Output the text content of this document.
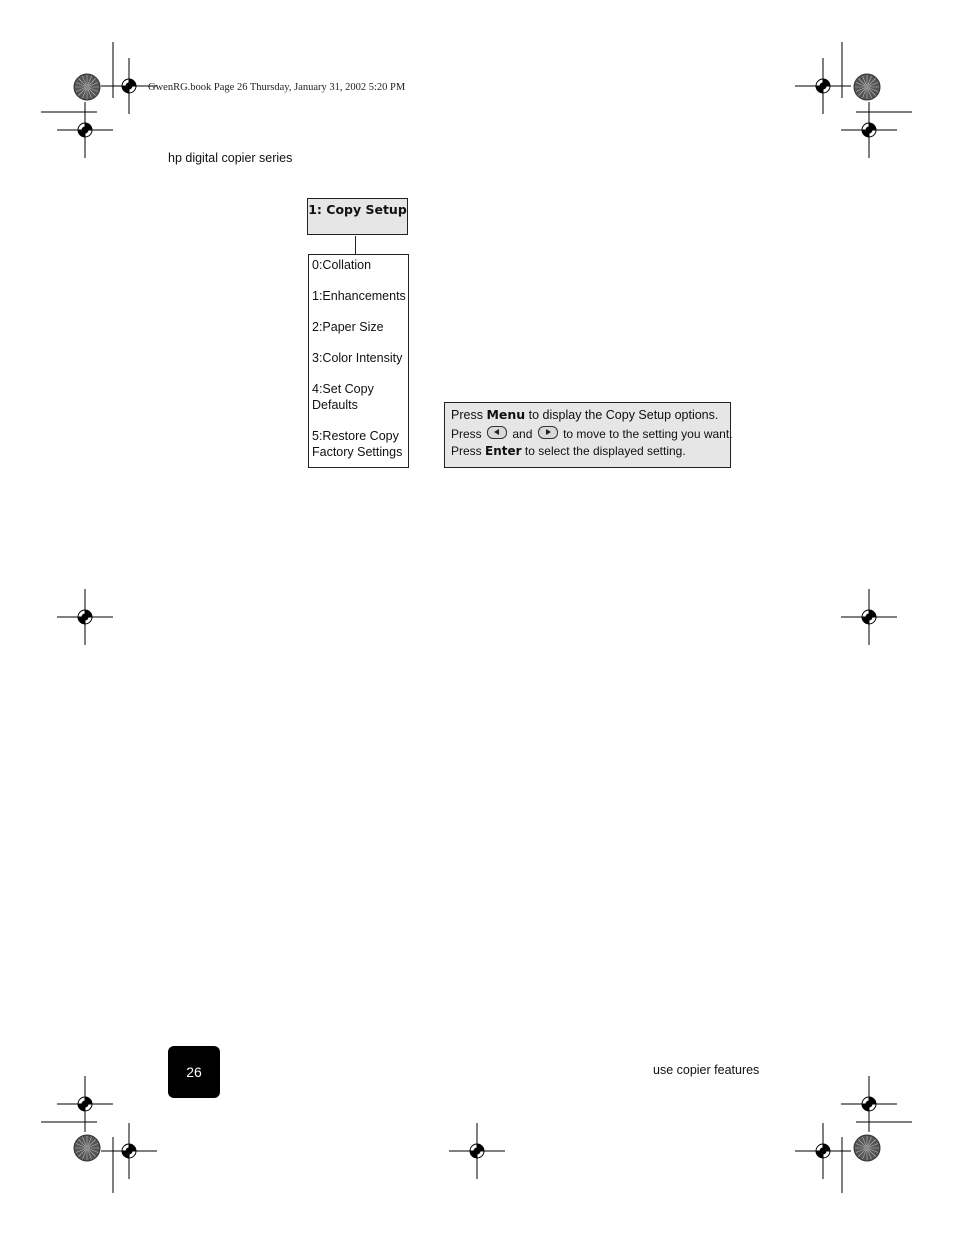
GwenRG.book Page 26 Thursday, January 31, 2002 5:20 PM
hp digital copier series
1: Copy Setup
0:Collation
1:Enhancements
2:Paper Size
3:Color Intensity
4:Set Copy Defaults
5:Restore Copy Factory Settings
Press Menu to display the Copy Setup options.
Press	and	to move to the setting you want.
Press Enter to select the displayed setting.
26	use copier features
